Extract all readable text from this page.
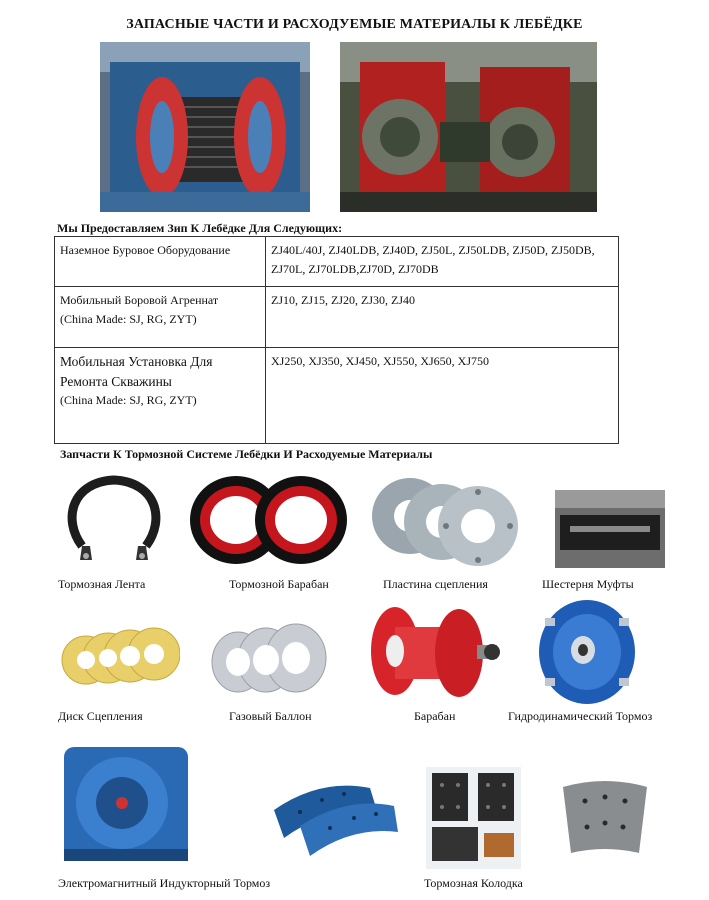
ЗАПАСНЫЕ ЧАСТИ И РАСХОДУЕМЫЕ МАТЕРИАЛЫ К ЛЕБЁДКЕ
Мы Предоставляем Зип К Лебёдке Для Следующих:
Наземное Буровое Оборудование	ZJ40L/40J, ZJ40LDB, ZJ40D, ZJ50L, ZJ50LDB, ZJ50D, ZJ50DB, ZJ70L, ZJ70LDB,ZJ70D, ZJ70DB

Мобильный Боровой Агреннат
(China Made: SJ, RG, ZYT)	ZJ10, ZJ15, ZJ20, ZJ30, ZJ40

Мобильная Установка Для Ремонта Скважины
(China Made: SJ, RG, ZYT)	XJ250, XJ350, XJ450, XJ550, XJ650, XJ750
Запчасти К Тормозной Системе Лебёдки И Расходуемые Материалы
Тормозная Лента	Тормозной Барабан	Пластина сцепления	Шестерня Муфты
Диск Сцепления	Газовый Баллон	Барабан	Гидродинамический Тормоз
Электромагнитный Индукторный Тормоз	Тормозная Колодка
